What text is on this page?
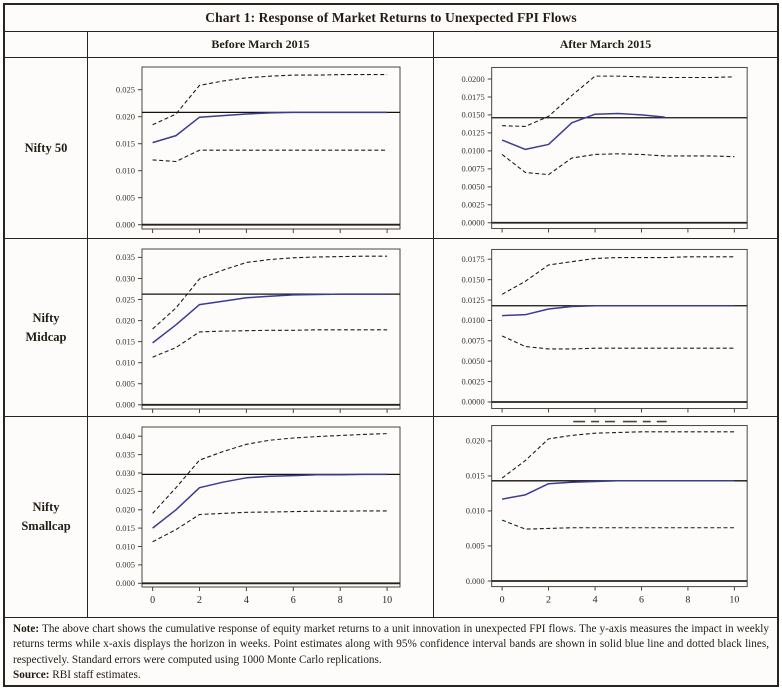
Chart 1: Response of Market Returns to Unexpected FPI Flows
Before March 2015	After March 2015
Nifty 50
0.000
0.005
0.010
0.015
0.020
0.025
0.0000
0.0025
0.0050
0.0075
0.0100
0.0125
0.0150
0.0175
0.0200
Nifty Midcap
0.000
0.005
0.010
0.015
0.020
0.025
0.030
0.035
0.0000
0.0025
0.0050
0.0075
0.0100
0.0125
0.0150
0.0175
Nifty Smallcap
0.000
0.005
0.010
0.015
0.020
0.025
0.030
0.035
0.040
0	2	4	6	8	10
0.000
0.005
0.010
0.015
0.020
0	2	4	6	8	10

Note: The above chart shows the cumulative response of equity market returns to a unit innovation in unexpected FPI flows. The y-axis measures the impact in weekly returns terms while x-axis displays the horizon in weeks. Point estimates along with 95% confidence interval bands are shown in solid blue line and dotted black lines, respectively. Standard errors were computed using 1000 Monte Carlo replications.

Source: RBI staff estimates.
